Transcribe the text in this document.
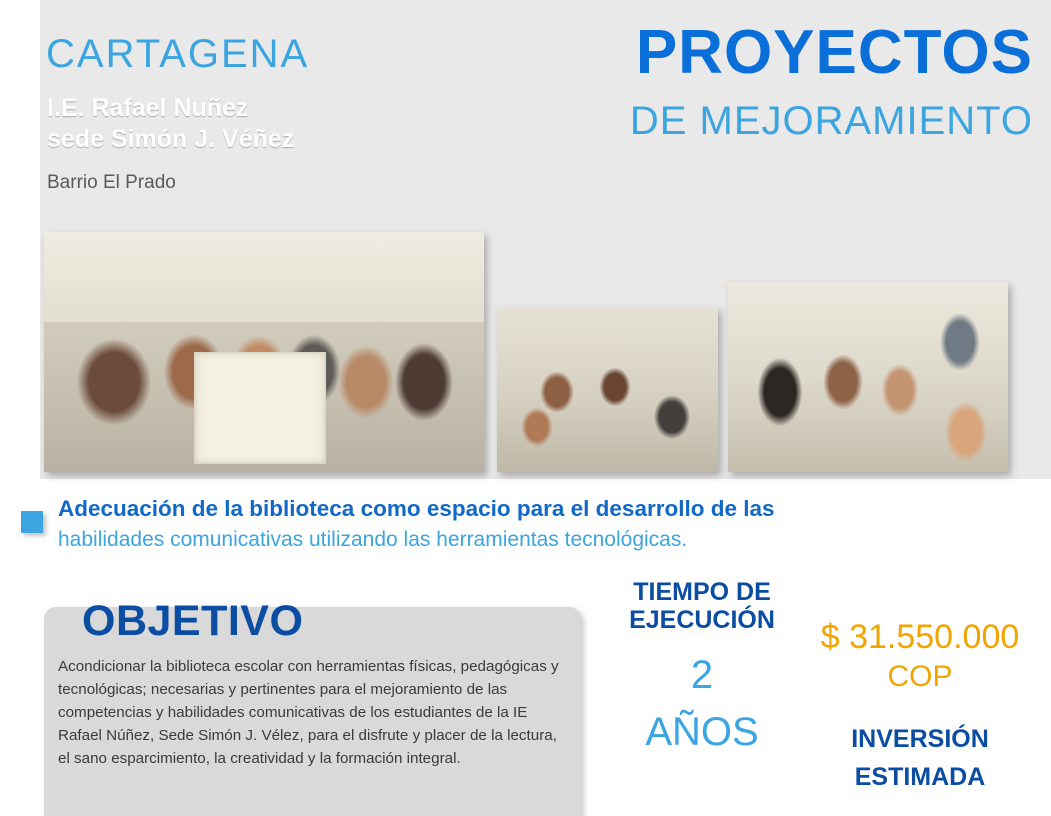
CARTAGENA
I.E. Rafael Nuñez
sede Simón J. Véñez
Barrio El Prado
PROYECTOS
DE MEJORAMIENTO
Adecuación de la biblioteca como espacio para el desarrollo de las
habilidades comunicativas utilizando las herramientas tecnológicas.
OBJETIVO
Acondicionar la biblioteca escolar con herramientas físicas, pedagógicas y tecnológicas; necesarias y pertinentes para el mejoramiento de las competencias y habilidades comunicativas de los estudiantes de la IE Rafael Núñez, Sede Simón J. Vélez, para el disfrute y placer de la lectura, el sano esparcimiento, la creatividad y la formación integral.
TIEMPO DE
EJECUCIÓN
2
AÑOS
$ 31.550.000
COP
INVERSIÓN
ESTIMADA
